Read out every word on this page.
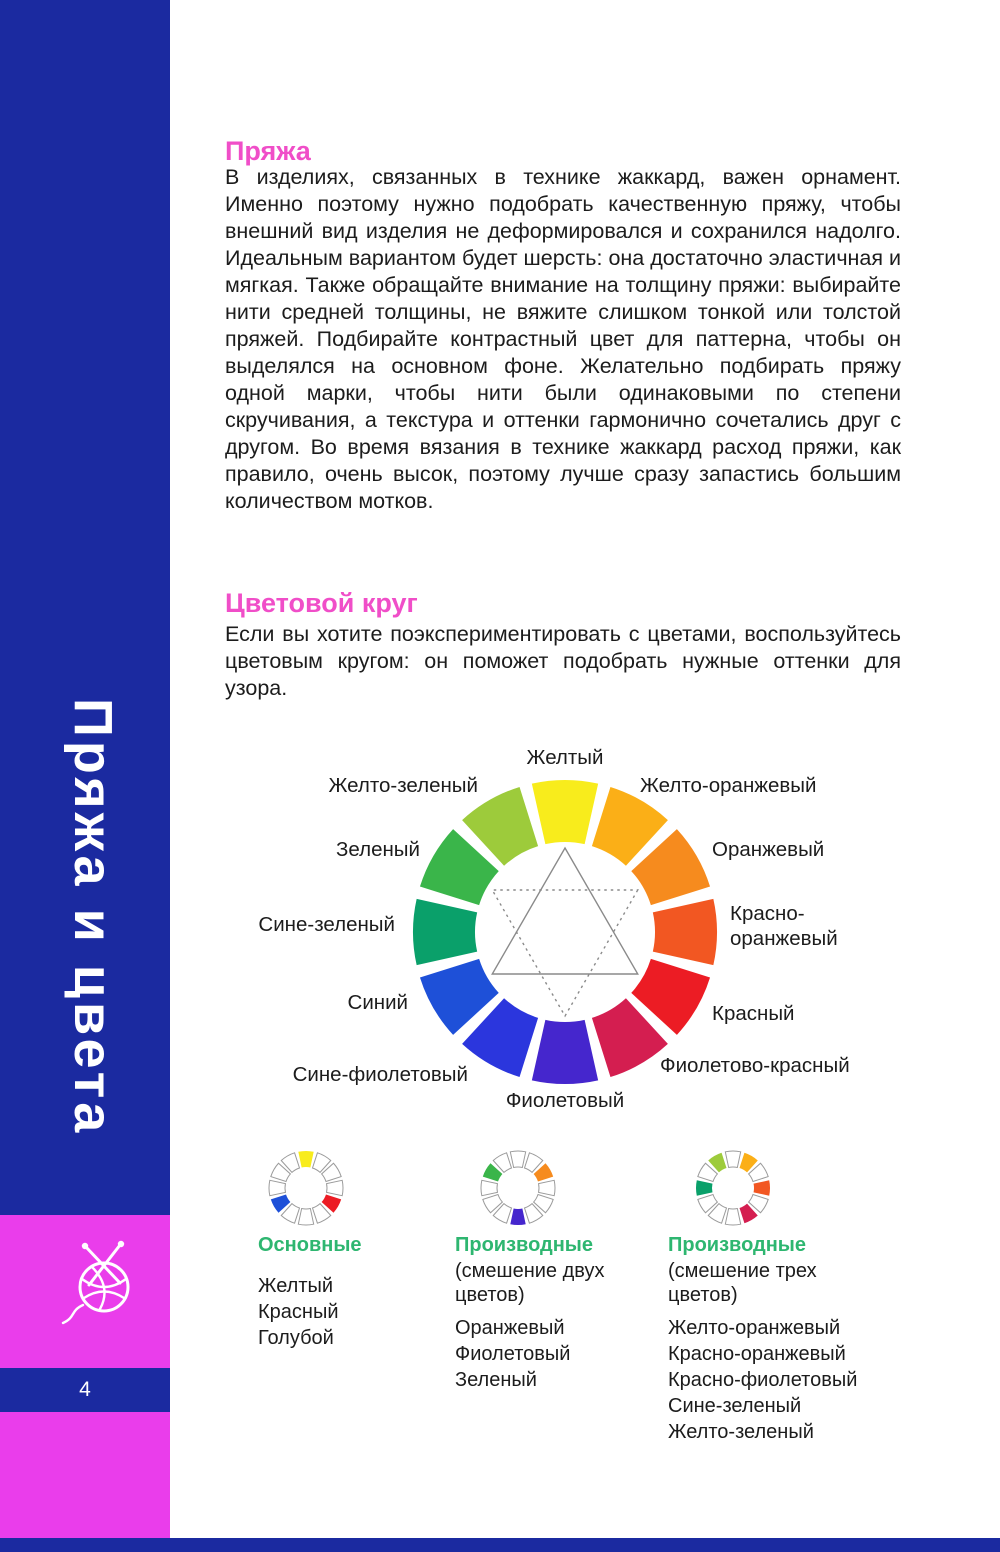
Пряжа и цвета
4
Пряжа

В изделиях, связанных в технике жаккард, важен орнамент. Именно поэтому нужно подобрать качественную пряжу, чтобы внешний вид изделия не деформировался и сохранился надолго. Идеальным вариантом будет шерсть: она достаточно эластичная и мягкая. Также обращайте внимание на толщину пряжи: выбирайте нити средней толщины, не вяжите слишком тонкой или толстой пряжей. Подбирайте контрастный цвет для паттерна, чтобы он выделялся на основном фоне. Желательно подбирать пряжу одной марки, чтобы нити были одинаковыми по степени скручивания, а текстура и оттенки гармонично сочетались друг с другом. Во время вязания в технике жаккард расход пряжи, как правило, очень высок, поэтому лучше сразу запастись большим количеством мотков.

Цветовой круг

Если вы хотите поэкспериментировать с цветами, воспользуйтесь цветовым кругом: он поможет подобрать нужные оттенки для узора.

Желтый
Желто-оранжевый
Оранжевый
Красно-оранжевый
Красный
Фиолетово-красный
Фиолетовый
Сине-фиолетовый
Синий
Сине-зеленый
Зеленый
Желто-зеленый
Основные
Желтый
Красный
Голубой
Производные
(смешение двух цветов)
Оранжевый
Фиолетовый
Зеленый
Производные
(смешение трех цветов)
Желто-оранжевый
Красно-оранжевый
Красно-фиолетовый
Сине-зеленый
Желто-зеленый
